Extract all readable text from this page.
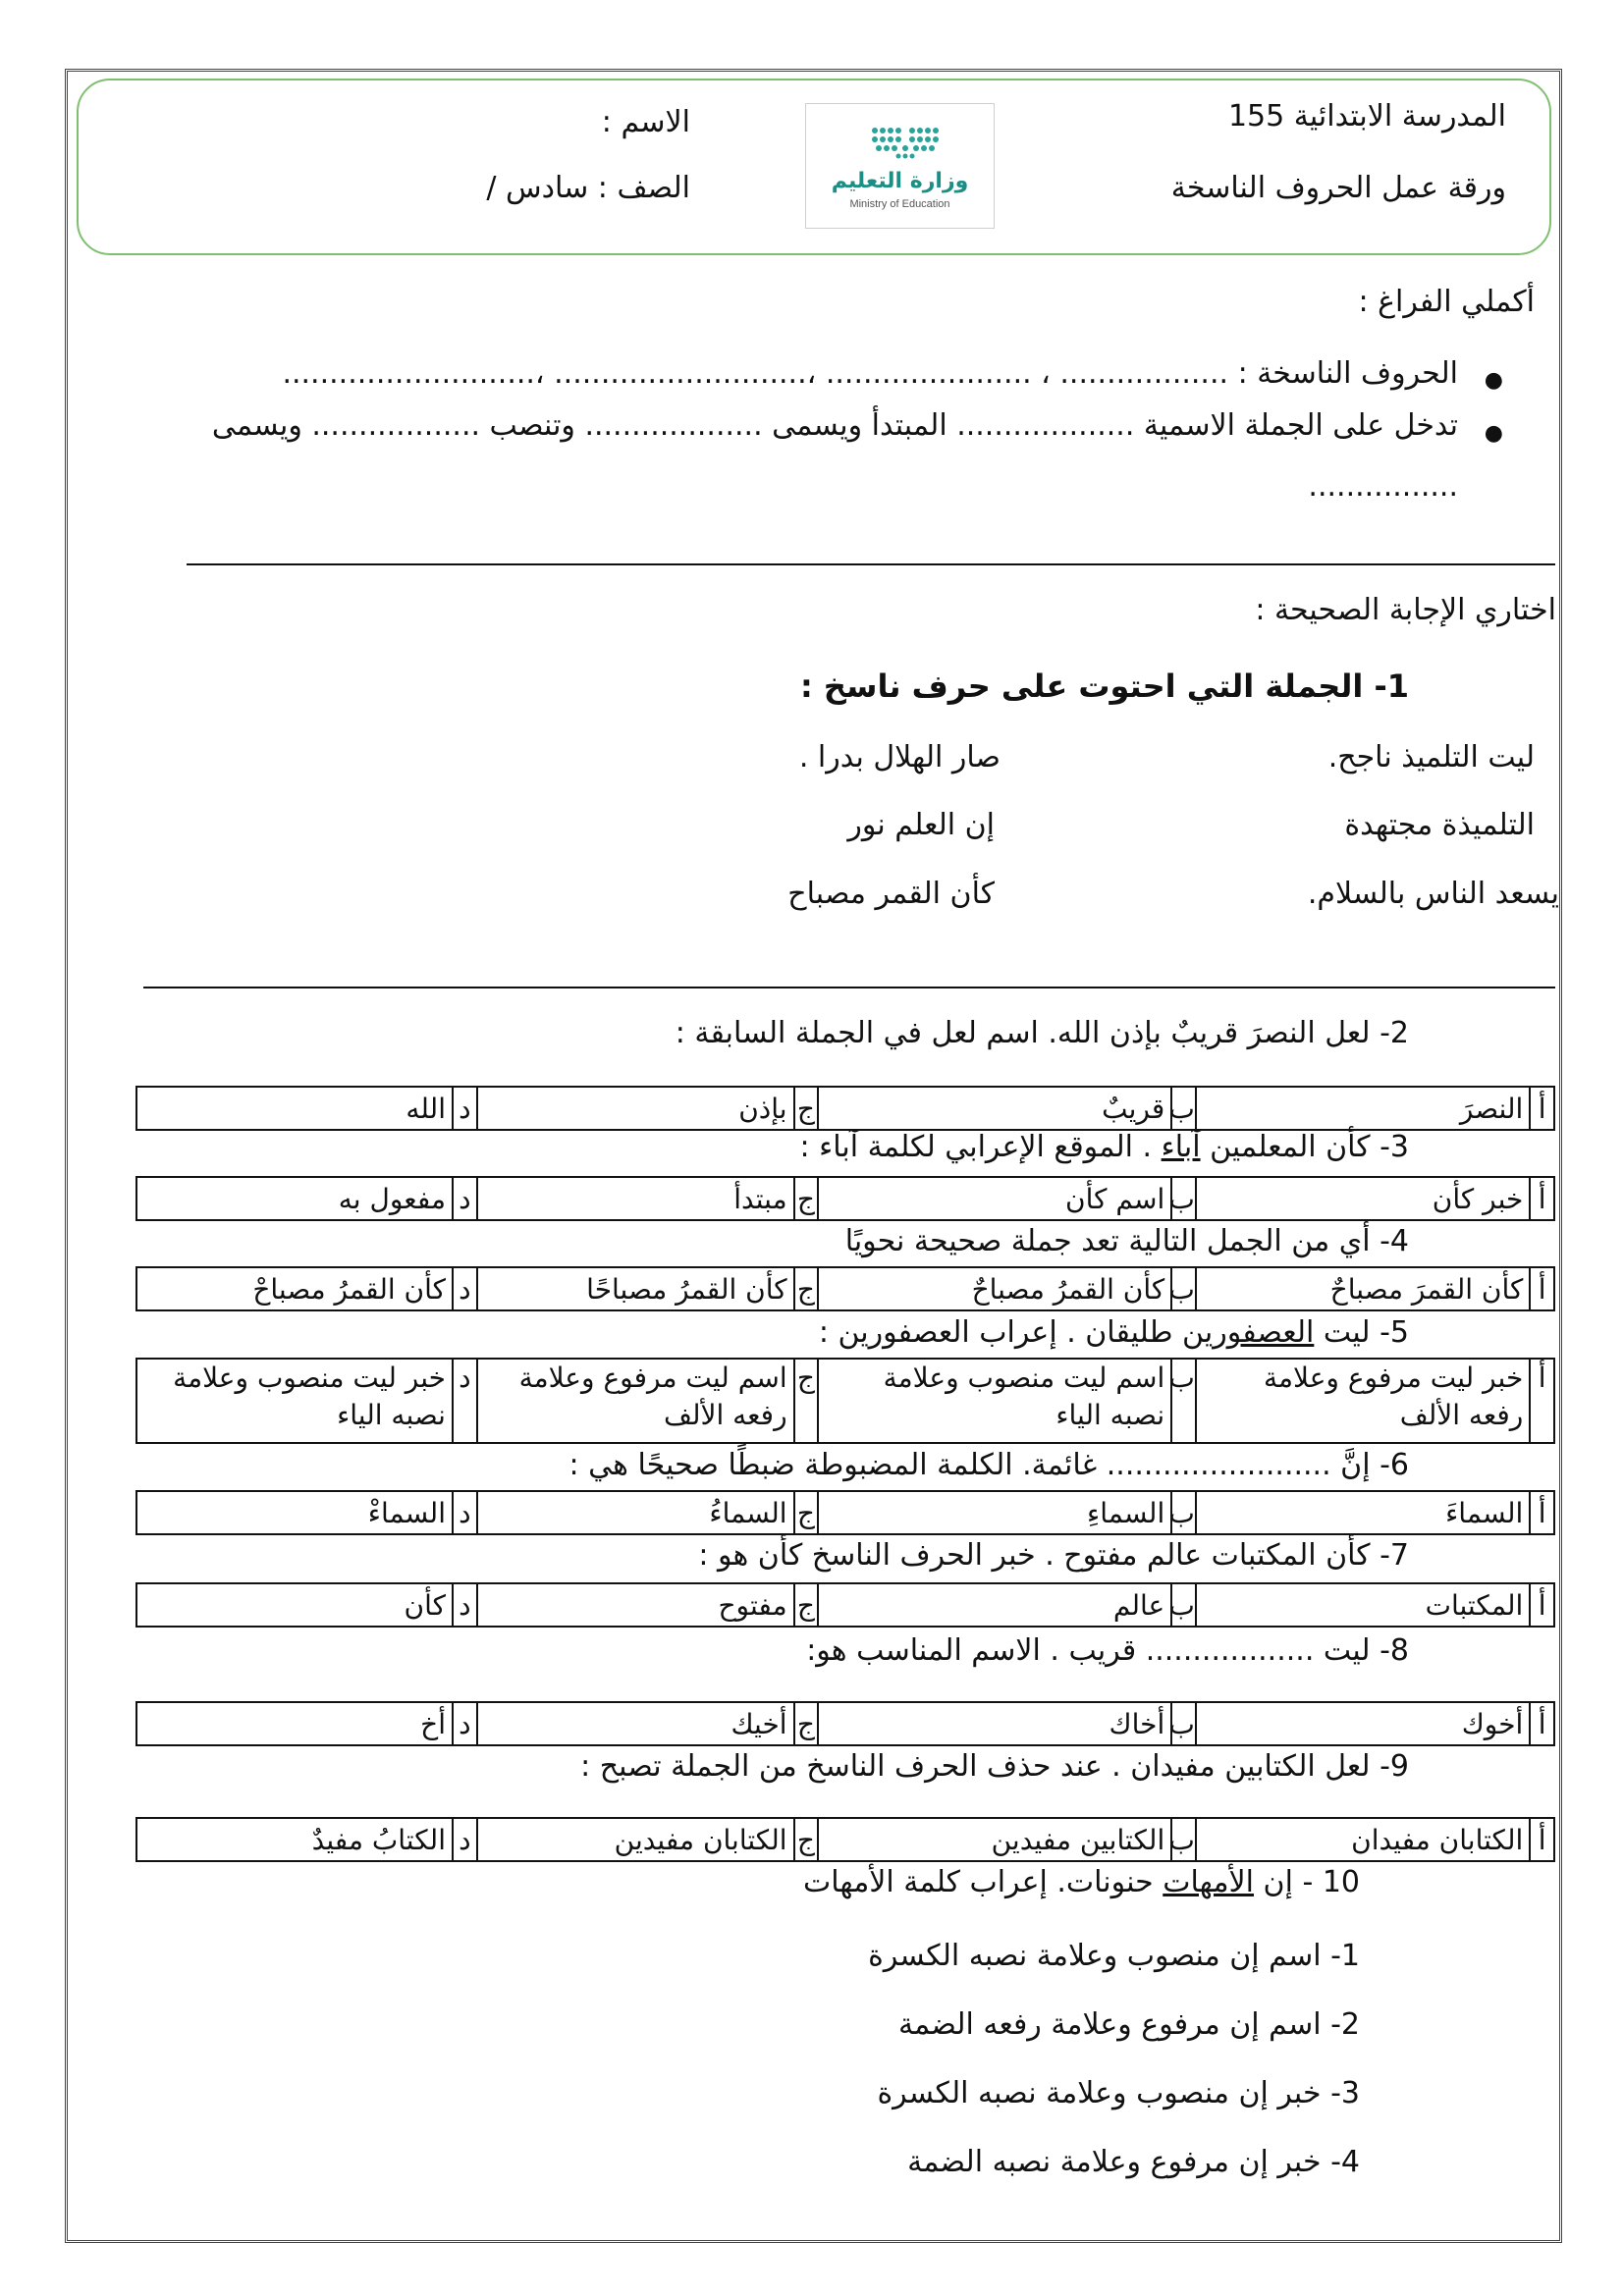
المدرسة الابتدائية 155
ورقة عمل الحروف الناسخة
الاسم :
الصف : سادس /	وزارة التعليم
Ministry of Education
أكملي الفراغ :
●
الحروف الناسخة : .................. ، ...................... ،........................... ،...........................
●
تدخل على الجملة الاسمية ................... المبتدأ ويسمى ................... وتنصب .................. ويسمى
................
اختاري الإجابة الصحيحة :
1- الجملة التي احتوت على حرف ناسخ :
ليت التلميذ ناجح.
صار الهلال بدرا .
التلميذة مجتهدة
إن العلم نور
يسعد الناس بالسلام.
كأن القمر مصباح
2- لعل النصرَ قريبٌ بإذن الله. اسم لعل في الجملة السابقة :
أ	النصرَ	ب	قريبٌ	ج	بإذن	د	الله
3- كأن المعلمين آباء . الموقع الإعرابي لكلمة آباء :
أ	خبر كأن	ب	اسم كأن	ج	مبتدأ	د	مفعول به
4- أي من الجمل التالية تعد جملة صحيحة نحويًا
أ	كأن القمرَ مصباحٌ	ب	كأن القمرُ مصباحٌ	ج	كأن القمرُ مصباحًا	د	كأن القمرُ مصباحْ
5- ليت العصفورين طليقان . إعراب العصفورين :
أ	خبر ليت مرفوع وعلامة رفعه الألف	ب	اسم ليت منصوب وعلامة نصبه الياء	ج	اسم ليت مرفوع وعلامة رفعه الألف	د	خبر ليت منصوب وعلامة نصبه الياء
6- إنَّ ........................ غائمة. الكلمة المضبوطة ضبطًا صحيحًا هي :
أ	السماءَ	ب	السماءِ	ج	السماءُ	د	السماءْ
7- كأن المكتبات عالم مفتوح . خبر الحرف الناسخ كأن هو :
أ	المكتبات	ب	عالم	ج	مفتوح	د	كأن
8- ليت .................. قريب . الاسم المناسب هو:
أ	أخوك	ب	أخاك	ج	أخيك	د	أخ
9- لعل الكتابين مفيدان . عند حذف الحرف الناسخ من الجملة تصبح :
أ	الكتابان مفيدان	ب	الكتابين مفيدين	ج	الكتابان مفيدين	د	الكتابُ مفيدٌ
10 - إن الأمهات حنونات. إعراب كلمة الأمهات
1- اسم إن منصوب وعلامة نصبه الكسرة
2- اسم إن مرفوع وعلامة رفعه الضمة
3- خبر إن منصوب وعلامة نصبه الكسرة
4- خبر إن مرفوع وعلامة نصبه الضمة
